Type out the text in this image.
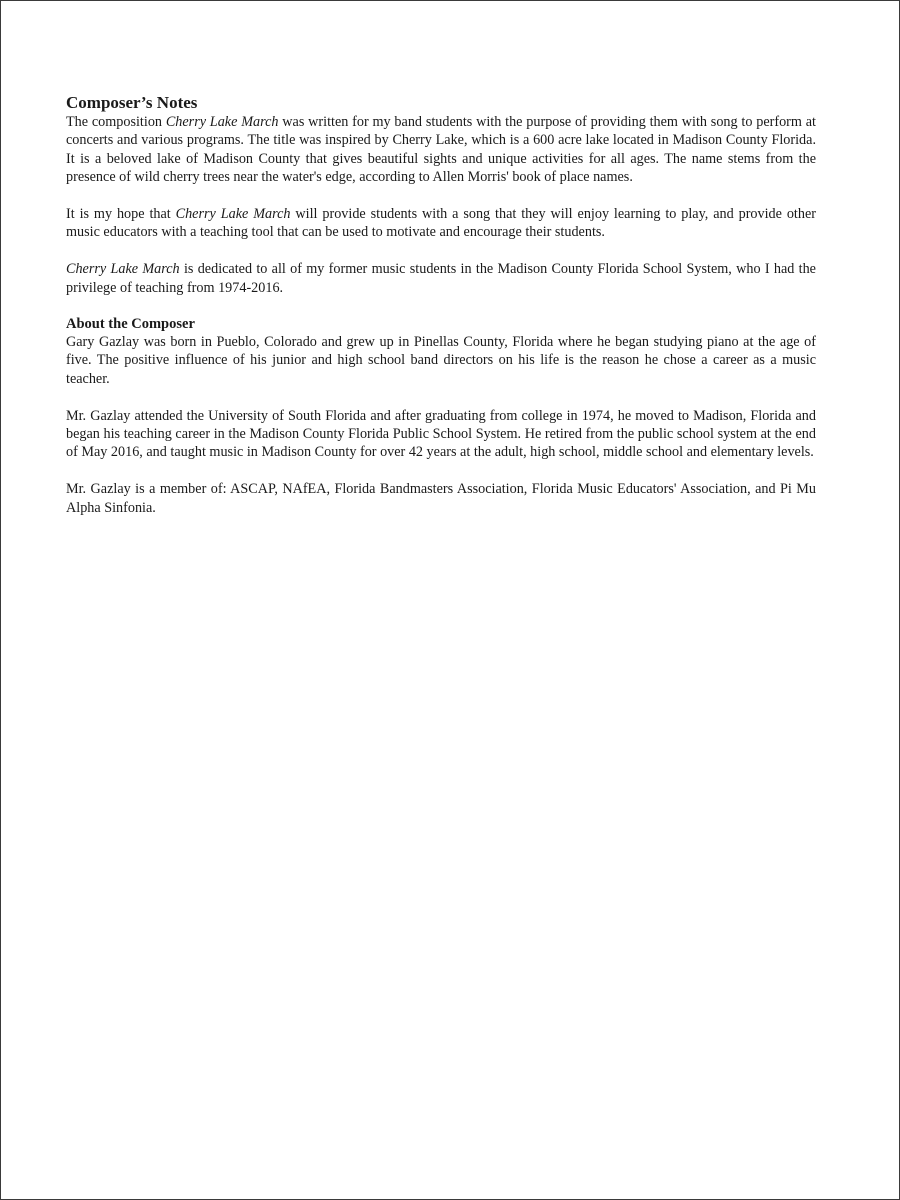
Composer’s Notes

The composition Cherry Lake March was written for my band students with the purpose of providing them with song to perform at concerts and various programs. The title was inspired by Cherry Lake, which is a 600 acre lake located in Madison County Florida. It is a beloved lake of Madison County that gives beautiful sights and unique activities for all ages. The name stems from the presence of wild cherry trees near the water's edge, according to Allen Morris' book of place names.

It is my hope that Cherry Lake March will provide students with a song that they will enjoy learning to play, and provide other music educators with a teaching tool that can be used to motivate and encourage their students.

Cherry Lake March is dedicated to all of my former music students in the Madison County Florida School System, who I had the privilege of teaching from 1974-2016.

About the Composer

Gary Gazlay was born in Pueblo, Colorado and grew up in Pinellas County, Florida where he began studying piano at the age of five. The positive influence of his junior and high school band directors on his life is the reason he chose a career as a music teacher.

Mr. Gazlay attended the University of South Florida and after graduating from college in 1974, he moved to Madison, Florida and began his teaching career in the Madison County Florida Public School System. He retired from the public school system at the end of May 2016, and taught music in Madison County for over 42 years at the adult, high school, middle school and elementary levels.

Mr. Gazlay is a member of: ASCAP, NAfEA, Florida Bandmasters Association, Florida Music Educators' Association, and Pi Mu Alpha Sinfonia.
